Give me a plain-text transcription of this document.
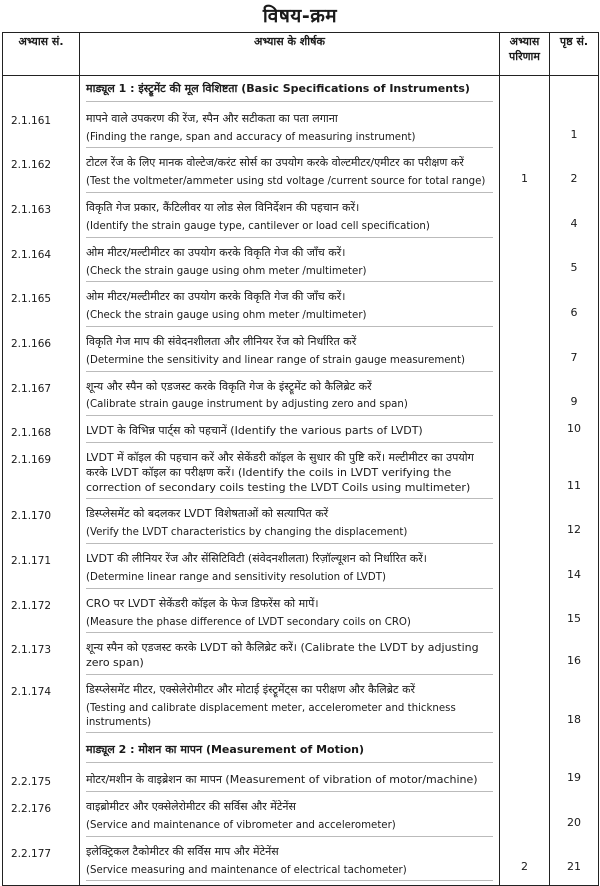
विषय-क्रम
अभ्यास सं.	अभ्यास के शीर्षक	अभ्यास परिणाम	पृष्ठ सं.

	माड्यूल 1 : इंस्ट्रूमेंट की मूल विशिष्टता (Basic Specifications of Instruments)		

2.1.161	मापने वाले उपकरण की रेंज, स्पैन और सटीकता का पता लगाना
(Finding the range, span and accuracy of measuring instrument)		1
2.1.162	टोटल रेंज के लिए मानक वोल्टेज/करंट सोर्स का उपयोग करके वोल्टमीटर/एमीटर का परीक्षण करें
(Test the voltmeter/ammeter using std voltage /current source for total range)	1	2
2.1.163	विकृति गेज प्रकार, कैंटिलीवर या लोड सेल विनिर्देशन की पहचान करें।
(Identify the strain gauge type, cantilever or load cell specification)		4
2.1.164	ओम मीटर/मल्टीमीटर का उपयोग करके विकृति गेज की जाँच करें।
(Check the strain gauge using ohm meter /multimeter)		5
2.1.165	ओम मीटर/मल्टीमीटर का उपयोग करके विकृति गेज की जाँच करें।
(Check the strain gauge using ohm meter /multimeter)		6
2.1.166	विकृति गेज माप की संवेदनशीलता और लीनियर रेंज को निर्धारित करें
(Determine the sensitivity and linear range of strain gauge measurement)		7
2.1.167	शून्य और स्पैन को एडजस्ट करके विकृति गेज के इंस्ट्रूमेंट को कैलिब्रेट करें
(Calibrate strain gauge instrument by adjusting zero and span)		9
2.1.168	LVDT के विभिन्न पार्ट्स को पहचानें (Identify the various parts of LVDT)		10
2.1.169	LVDT में कॉइल की पहचान करें और सेकेंडरी कॉइल के सुधार की पुष्टि करें। मल्टीमीटर का उपयोग करके LVDT कॉइल का परीक्षण करें। (Identify the coils in LVDT verifying the correction of secondary coils testing the LVDT Coils using multimeter)		11
2.1.170	डिस्प्लेसमेंट को बदलकर LVDT विशेषताओं को सत्यापित करें
(Verify the LVDT characteristics by changing the displacement)		12
2.1.171	LVDT की लीनियर रेंज और सेंसिटिविटी (संवेदनशीलता) रिज़ॉल्यूशन को निर्धारित करें।
(Determine linear range and sensitivity resolution of LVDT)		14
2.1.172	CRO पर LVDT सेकेंडरी कॉइल के फेज डिफरेंस को मापें।
(Measure the phase difference of LVDT secondary coils on CRO)		15
2.1.173	शून्य स्पैन को एडजस्ट करके LVDT को कैलिब्रेट करें। (Calibrate the LVDT by adjusting zero span)		16
2.1.174	डिस्प्लेसमेंट मीटर, एक्सेलेरोमीटर और मोटाई इंस्ट्रूमेंट्स का परीक्षण और कैलिब्रेट करें
(Testing and calibrate displacement meter, accelerometer and thickness instruments)		18

	माड्यूल 2 : मोशन का मापन (Measurement of Motion)		

2.2.175	मोटर/मशीन के वाइब्रेशन का मापन (Measurement of vibration of motor/machine)		19
2.2.176	वाइब्रोमीटर और एक्सेलेरोमीटर की सर्विस और मेंटेनेंस
(Service and maintenance of vibrometer and accelerometer)		20
2.2.177	इलेक्ट्रिकल टैकोमीटर की सर्विस माप और मेंटेनेंस
(Service measuring and maintenance of electrical tachometer)	2	21
